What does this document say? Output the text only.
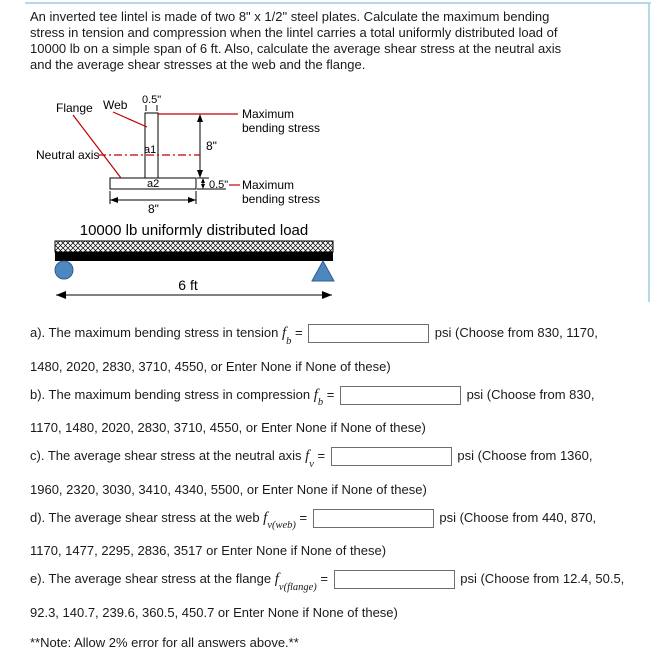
An inverted tee lintel is made of two 8" x 1/2" steel plates. Calculate the maximum bending stress in tension and compression when the lintel carries a total uniformly distributed load of 10000 lb on a simple span of 6 ft. Also, calculate the average shear stress at the neutral axis and the average shear stresses at the web and the flange.

Flange Web 0.5"
a1
a2
Neutral axis
8"
0.5"
8"
Maximum
bending stress
Maximum
bending stress
10000 lb uniformly distributed load
6 ft
a). The maximum bending stress in tension $f_b$ =	psi (Choose from 830, 1170, 1480, 2020, 2830, 3710, 4550, or Enter None if None of these)
b). The maximum bending stress in compression $f_b$ =	psi (Choose from 830, 1170, 1480, 2020, 2830, 3710, 4550, or Enter None if None of these)
c). The average shear stress at the neutral axis $f_v$ =	psi (Choose from 1360, 1960, 2320, 3030, 3410, 4340, 5500, or Enter None if None of these)
d). The average shear stress at the web $f_{v(web)}$ =	psi (Choose from 440, 870, 1170, 1477, 2295, 2836, 3517 or Enter None if None of these)
e). The average shear stress at the flange $f_{v(flange)}$ =	psi (Choose from 12.4, 50.5, 92.3, 140.7, 239.6, 360.5, 450.7 or Enter None if None of these)

**Note: Allow 2% error for all answers above.**
